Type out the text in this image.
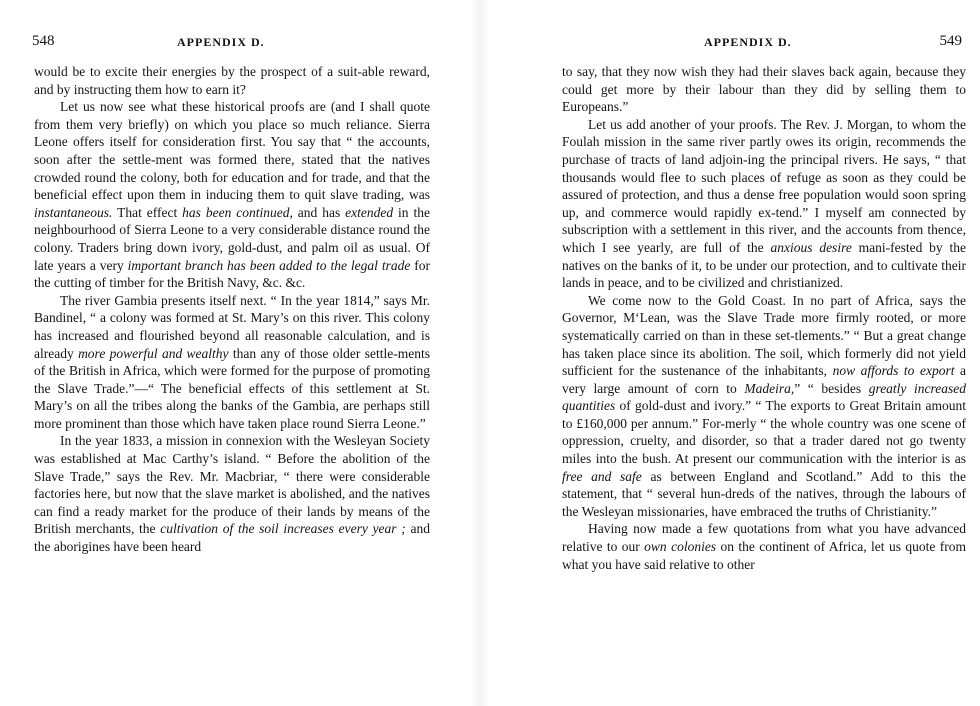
548	APPENDIX D.

would be to excite their energies by the prospect of a suit-able reward, and by instructing them how to earn it?

Let us now see what these historical proofs are (and I shall quote from them very briefly) on which you place so much reliance. Sierra Leone offers itself for consideration first. You say that “ the accounts, soon after the settle-ment was formed there, stated that the natives crowded round the colony, both for education and for trade, and that the beneficial effect upon them in inducing them to quit slave trading, was instantaneous. That effect has been continued, and has extended in the neighbourhood of Sierra Leone to a very considerable distance round the colony. Traders bring down ivory, gold-dust, and palm oil as usual. Of late years a very important branch has been added to the legal trade for the cutting of timber for the British Navy, &c. &c.

The river Gambia presents itself next. “ In the year 1814,” says Mr. Bandinel, “ a colony was formed at St. Mary’s on this river. This colony has increased and flourished beyond all reasonable calculation, and is already more powerful and wealthy than any of those older settle-ments of the British in Africa, which were formed for the purpose of promoting the Slave Trade.”—“ The beneficial effects of this settlement at St. Mary’s on all the tribes along the banks of the Gambia, are perhaps still more prominent than those which have taken place round Sierra Leone.”

In the year 1833, a mission in connexion with the Wesleyan Society was established at Mac Carthy’s island. “ Before the abolition of the Slave Trade,” says the Rev. Mr. Macbriar, “ there were considerable factories here, but now that the slave market is abolished, and the natives can find a ready market for the produce of their lands by means of the British merchants, the cultivation of the soil increases every year ; and the aborigines have been heard

APPENDIX D.	549

to say, that they now wish they had their slaves back again, because they could get more by their labour than they did by selling them to Europeans.”

Let us add another of your proofs. The Rev. J. Morgan, to whom the Foulah mission in the same river partly owes its origin, recommends the purchase of tracts of land adjoin-ing the principal rivers. He says, “ that thousands would flee to such places of refuge as soon as they could be assured of protection, and thus a dense free population would soon spring up, and commerce would rapidly ex-tend.” I myself am connected by subscription with a settlement in this river, and the accounts from thence, which I see yearly, are full of the anxious desire mani-fested by the natives on the banks of it, to be under our protection, and to cultivate their lands in peace, and to be civilized and christianized.

We come now to the Gold Coast. In no part of Africa, says the Governor, M‘Lean, was the Slave Trade more firmly rooted, or more systematically carried on than in these set-tlements.” “ But a great change has taken place since its abolition. The soil, which formerly did not yield sufficient for the sustenance of the inhabitants, now affords to export a very large amount of corn to Madeira,” “ besides greatly increased quantities of gold-dust and ivory.” “ The exports to Great Britain amount to £160,000 per annum.” For-merly “ the whole country was one scene of oppression, cruelty, and disorder, so that a trader dared not go twenty miles into the bush. At present our communication with the interior is as free and safe as between England and Scotland.” Add to this the statement, that “ several hun-dreds of the natives, through the labours of the Wesleyan missionaries, have embraced the truths of Christianity.”

Having now made a few quotations from what you have advanced relative to our own colonies on the continent of Africa, let us quote from what you have said relative to other
